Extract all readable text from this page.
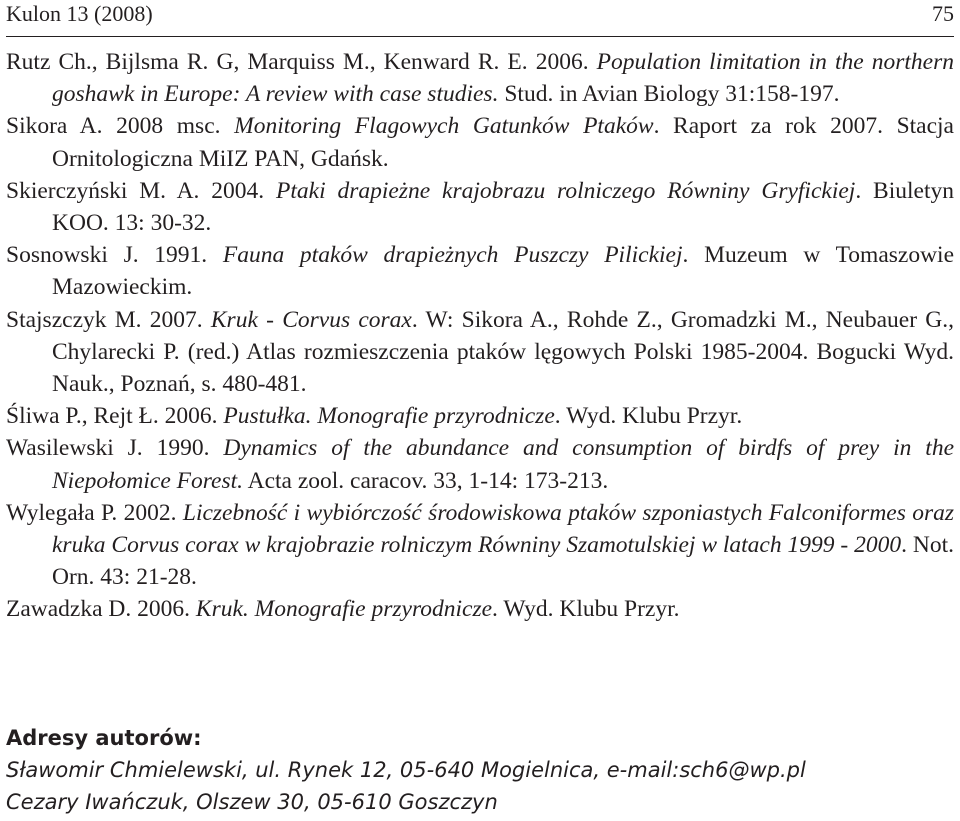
Kulon 13 (2008)	75
Rutz Ch., Bijlsma R. G, Marquiss M., Kenward R. E. 2006. Population limitation in the northern goshawk in Europe: A review with case studies. Stud. in Avian Biology 31:158-197.
Sikora A. 2008 msc. Monitoring Flagowych Gatunków Ptaków. Raport za rok 2007. Stacja Ornitologiczna MiIZ PAN, Gdańsk.
Skierczyński M. A. 2004. Ptaki drapieżne krajobrazu rolniczego Równiny Gryfickiej. Biuletyn KOO. 13: 30-32.
Sosnowski J. 1991. Fauna ptaków drapieżnych Puszczy Pilickiej. Muzeum w Tomaszowie Mazowieckim.
Stajszczyk M. 2007. Kruk - Corvus corax. W: Sikora A., Rohde Z., Gromadzki M., Neubauer G., Chylarecki P. (red.) Atlas rozmieszczenia ptaków lęgowych Polski 1985-2004. Bogucki Wyd. Nauk., Poznań, s. 480-481.
Śliwa P., Rejt Ł. 2006. Pustułka. Monografie przyrodnicze. Wyd. Klubu Przyr.
Wasilewski J. 1990. Dynamics of the abundance and consumption of birdfs of prey in the Niepołomice Forest. Acta zool. caracov. 33, 1-14: 173-213.
Wylegała P. 2002. Liczebność i wybiórczość środowiskowa ptaków szponiastych Falconiformes oraz kruka Corvus corax w krajobrazie rolniczym Równiny Szamotulskiej w latach 1999 - 2000. Not. Orn. 43: 21-28.
Zawadzka D. 2006. Kruk. Monografie przyrodnicze. Wyd. Klubu Przyr.
Adresy autorów:
Sławomir Chmielewski, ul. Rynek 12, 05-640 Mogielnica, e-mail:sch6@wp.pl
Cezary Iwańczuk, Olszew 30, 05-610 Goszczyn
